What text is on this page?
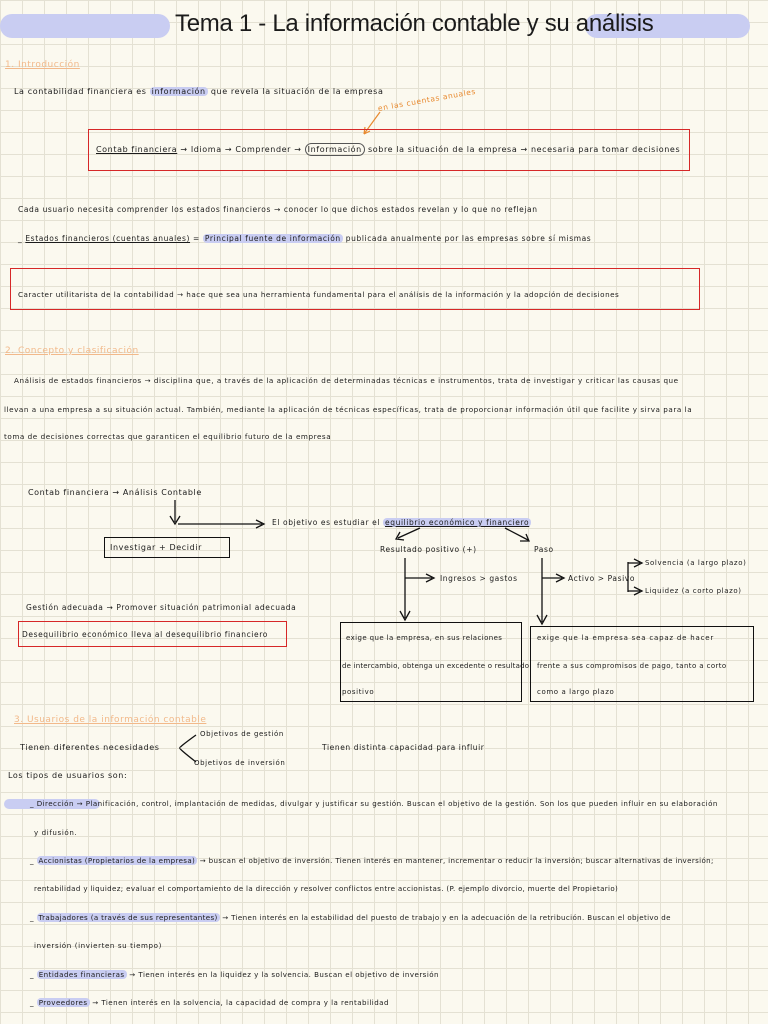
Tema 1 - La información contable y su análisis
1. Introducción
La contabilidad financiera es información que revela la situación de la empresa
en las cuentas anuales
Contab financiera → Idioma → Comprender → Información sobre la situación de la empresa → necesaria para tomar decisiones
Cada usuario necesita comprender los estados financieros → conocer lo que dichos estados revelan y lo que no reflejan
_ Estados financieros (cuentas anuales) = Principal fuente de información publicada anualmente por las empresas sobre sí mismas
Caracter utilitarista de la contabilidad → hace que sea una herramienta fundamental para el análisis de la información y la adopción de decisiones
2. Concepto y clasificación
Análisis de estados financieros → disciplina que, a través de la aplicación de determinadas técnicas e instrumentos, trata de investigar y criticar las causas que
llevan a una empresa a su situación actual. También, mediante la aplicación de técnicas específicas, trata de proporcionar información útil que facilite y sirva para la
toma de decisiones correctas que garanticen el equilibrio futuro de la empresa
Contab financiera → Análisis Contable
Investigar + Decidir
El objetivo es estudiar el equilibrio económico y financiero
Resultado positivo (+)	Paso
Ingresos > gastos	Activo > Pasivo
Solvencia (a largo plazo)
Liquidez (a corto plazo)
Gestión adecuada → Promover situación patrimonial adecuada
Desequilibrio económico lleva al desequilibrio financiero	exige que la empresa, en sus relaciones
de intercambio, obtenga un excedente o resultado
positivo
exige que la empresa sea capaz de hacer
frente a sus compromisos de pago, tanto a corto
como a largo plazo
3. Usuarios de la información contable
Tienen diferentes necesidades
Objetivos de gestión
Objetivos de inversión
Tienen distinta capacidad para influir
Los tipos de usuarios son:
_ Dirección → Planificación, control, implantación de medidas, divulgar y justificar su gestión. Buscan el objetivo de la gestión. Son los que pueden influir en su elaboración
y difusión.
_ Accionistas (Propietarios de la empresa) → buscan el objetivo de inversión. Tienen interés en mantener, incrementar o reducir la inversión; buscar alternativas de inversión;
rentabilidad y liquidez; evaluar el comportamiento de la dirección y resolver conflictos entre accionistas. (P. ejemplo divorcio, muerte del Propietario)
_ Trabajadores (a través de sus representantes) → Tienen interés en la estabilidad del puesto de trabajo y en la adecuación de la retribución. Buscan el objetivo de
inversión (invierten su tiempo)
_ Entidades financieras → Tienen interés en la liquidez y la solvencia. Buscan el objetivo de inversión
_ Proveedores → Tienen interés en la solvencia, la capacidad de compra y la rentabilidad
